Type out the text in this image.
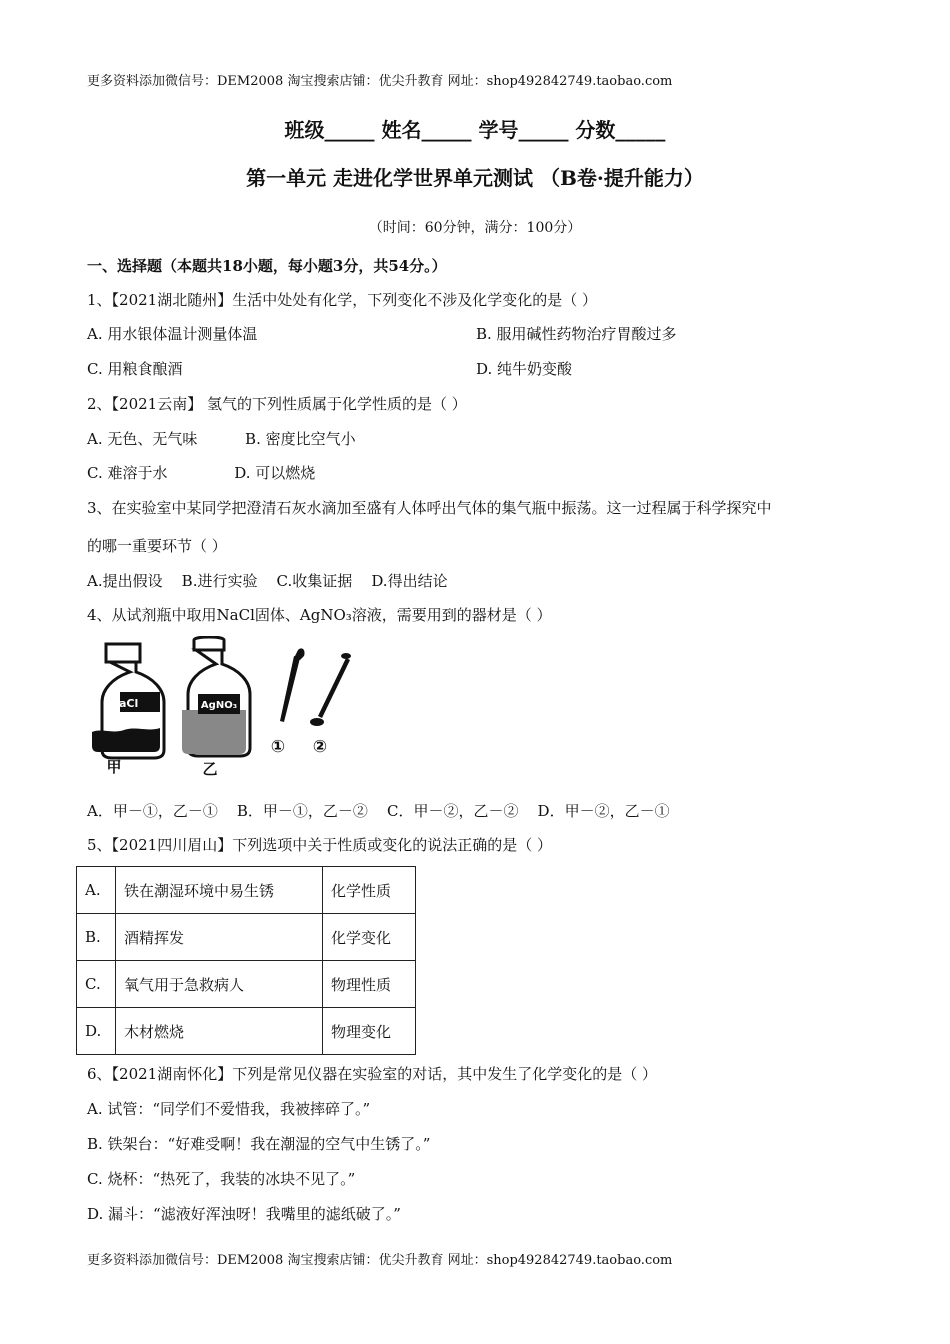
更多资料添加微信号：DEM2008 淘宝搜索店铺：优尖升教育 网址：shop492842749.taobao.com
班级_____ 姓名_____ 学号_____ 分数_____
第一单元 走进化学世界单元测试 （B卷·提升能力）
（时间：60分钟，满分：100分）
一、选择题（本题共18小题，每小题3分，共54分。）
1、【2021湖北随州】生活中处处有化学，下列变化不涉及化学变化的是（ ）
A. 用水银体温计测量体温	B. 服用碱性药物治疗胃酸过多
C. 用粮食酿酒	D. 纯牛奶变酸
2、【2021云南】 氢气的下列性质属于化学性质的是（ ）
A. 无色、无气味          B. 密度比空气小
C. 难溶于水              D. 可以燃烧
3、在实验室中某同学把澄清石灰水滴加至盛有人体呼出气体的集气瓶中振荡。这一过程属于科学探究中
的哪一重要环节（ ）
A.提出假设    B.进行实验    C.收集证据    D.得出结论
4、从试剂瓶中取用NaCl固体、AgNO₃溶液，需要用到的器材是（ ）
NaCl
甲
AgNO₃
乙
① ②
A．甲－①，乙－①    B．甲－①，乙－②    C．甲－②，乙－②    D．甲－②，乙－①
5、【2021四川眉山】下列选项中关于性质或变化的说法正确的是（ ）
A.	铁在潮湿环境中易生锈	化学性质
B.	酒精挥发	化学变化
C.	氧气用于急救病人	物理性质
D.	木材燃烧	物理变化
6、【2021湖南怀化】下列是常见仪器在实验室的对话，其中发生了化学变化的是（ ）
A. 试管：“同学们不爱惜我，我被摔碎了。”
B. 铁架台：“好难受啊！我在潮湿的空气中生锈了。”
C. 烧杯：“热死了，我装的冰块不见了。”
D. 漏斗：“滤液好浑浊呀！我嘴里的滤纸破了。”
更多资料添加微信号：DEM2008 淘宝搜索店铺：优尖升教育 网址：shop492842749.taobao.com
